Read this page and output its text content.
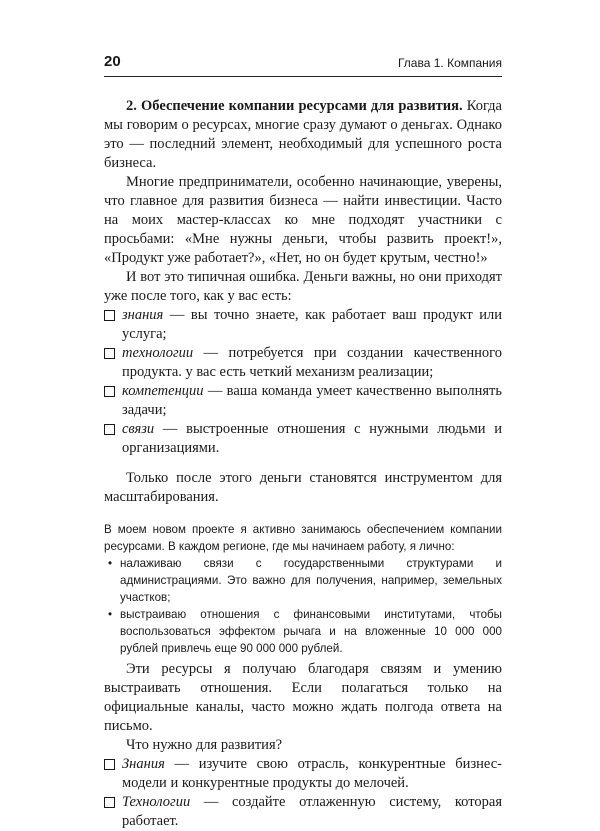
20	Глава 1. Компания

2. Обеспечение компании ресурсами для развития. Когда мы говорим о ресурсах, многие сразу думают о деньгах. Однако это — последний элемент, необходимый для успешного роста бизнеса.

Многие предприниматели, особенно начинающие, уверены, что главное для развития бизнеса — найти инвестиции. Часто на моих мастер-классах ко мне подходят участники с просьбами: «Мне нужны деньги, чтобы развить проект!», «Продукт уже работает?», «Нет, но он будет крутым, честно!»

И вот это типичная ошибка. Деньги важны, но они приходят уже после того, как у вас есть:

знания — вы точно знаете, как работает ваш продукт или услуга;
технологии — потребуется при создании качественного продукта. у вас есть четкий механизм реализации;
компетенции — ваша команда умеет качественно выполнять задачи;
связи — выстроенные отношения с нужными людьми и организациями.

Только после этого деньги становятся инструментом для масштабирования.

В моем новом проекте я активно занимаюсь обеспечением компании ресурсами. В каждом регионе, где мы начинаем работу, я лично:

• налаживаю связи с государственными структурами и администрациями. Это важно для получения, например, земельных участков;
• выстраиваю отношения с финансовыми институтами, чтобы воспользоваться эффектом рычага и на вложенные 10 000 000 рублей привлечь еще 90 000 000 рублей.

Эти ресурсы я получаю благодаря связям и умению выстраивать отношения. Если полагаться только на официальные каналы, часто можно ждать полгода ответа на письмо.

Что нужно для развития?

Знания — изучите свою отрасль, конкурентные бизнес-модели и конкурентные продукты до мелочей.
Технологии — создайте отлаженную систему, которая работает.
